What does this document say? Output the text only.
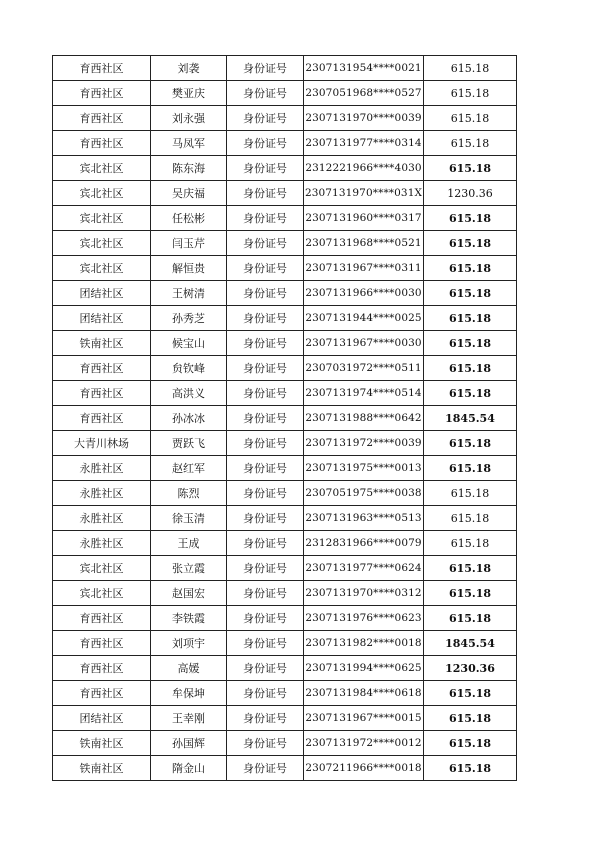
育西社区	刘袭	身份证号	2307131954****0021	615.18
育西社区	樊亚庆	身份证号	2307051968****0527	615.18
育西社区	刘永强	身份证号	2307131970****0039	615.18
育西社区	马凤军	身份证号	2307131977****0314	615.18
宾北社区	陈东海	身份证号	2312221966****4030	615.18
宾北社区	吴庆福	身份证号	2307131970****031X	1230.36
宾北社区	任松彬	身份证号	2307131960****0317	615.18
宾北社区	闫玉芹	身份证号	2307131968****0521	615.18
宾北社区	解恒贵	身份证号	2307131967****0311	615.18
团结社区	王树清	身份证号	2307131966****0030	615.18
团结社区	孙秀芝	身份证号	2307131944****0025	615.18
铁南社区	候宝山	身份证号	2307131967****0030	615.18
育西社区	贠钦峰	身份证号	2307031972****0511	615.18
育西社区	高洪义	身份证号	2307131974****0514	615.18
育西社区	孙冰冰	身份证号	2307131988****0642	1845.54
大青川林场	贾跃飞	身份证号	2307131972****0039	615.18
永胜社区	赵红军	身份证号	2307131975****0013	615.18
永胜社区	陈烈	身份证号	2307051975****0038	615.18
永胜社区	徐玉清	身份证号	2307131963****0513	615.18
永胜社区	王成	身份证号	2312831966****0079	615.18
宾北社区	张立霞	身份证号	2307131977****0624	615.18
宾北社区	赵国宏	身份证号	2307131970****0312	615.18
育西社区	李铁霞	身份证号	2307131976****0623	615.18
育西社区	刘项宇	身份证号	2307131982****0018	1845.54
育西社区	高媛	身份证号	2307131994****0625	1230.36
育西社区	牟保坤	身份证号	2307131984****0618	615.18
团结社区	王幸刚	身份证号	2307131967****0015	615.18
铁南社区	孙国辉	身份证号	2307131972****0012	615.18
铁南社区	隋金山	身份证号	2307211966****0018	615.18
